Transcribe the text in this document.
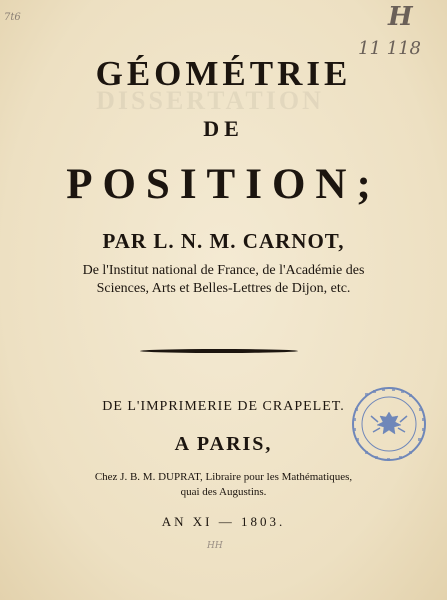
7t6	H
11 118
DISSERTATION
GÉOMÉTRIE
DE
POSITION;
PAR L. N. M. CARNOT,
De l'Institut national de France, de l'Académie des
Sciences, Arts et Belles-Lettres de Dijon, etc.
DE L'IMPRIMERIE DE CRAPELET.
A PARIS,
Chez J. B. M. DUPRAT, Libraire pour les Mathématiques,
quai des Augustins.
AN XI — 1803.
HH
